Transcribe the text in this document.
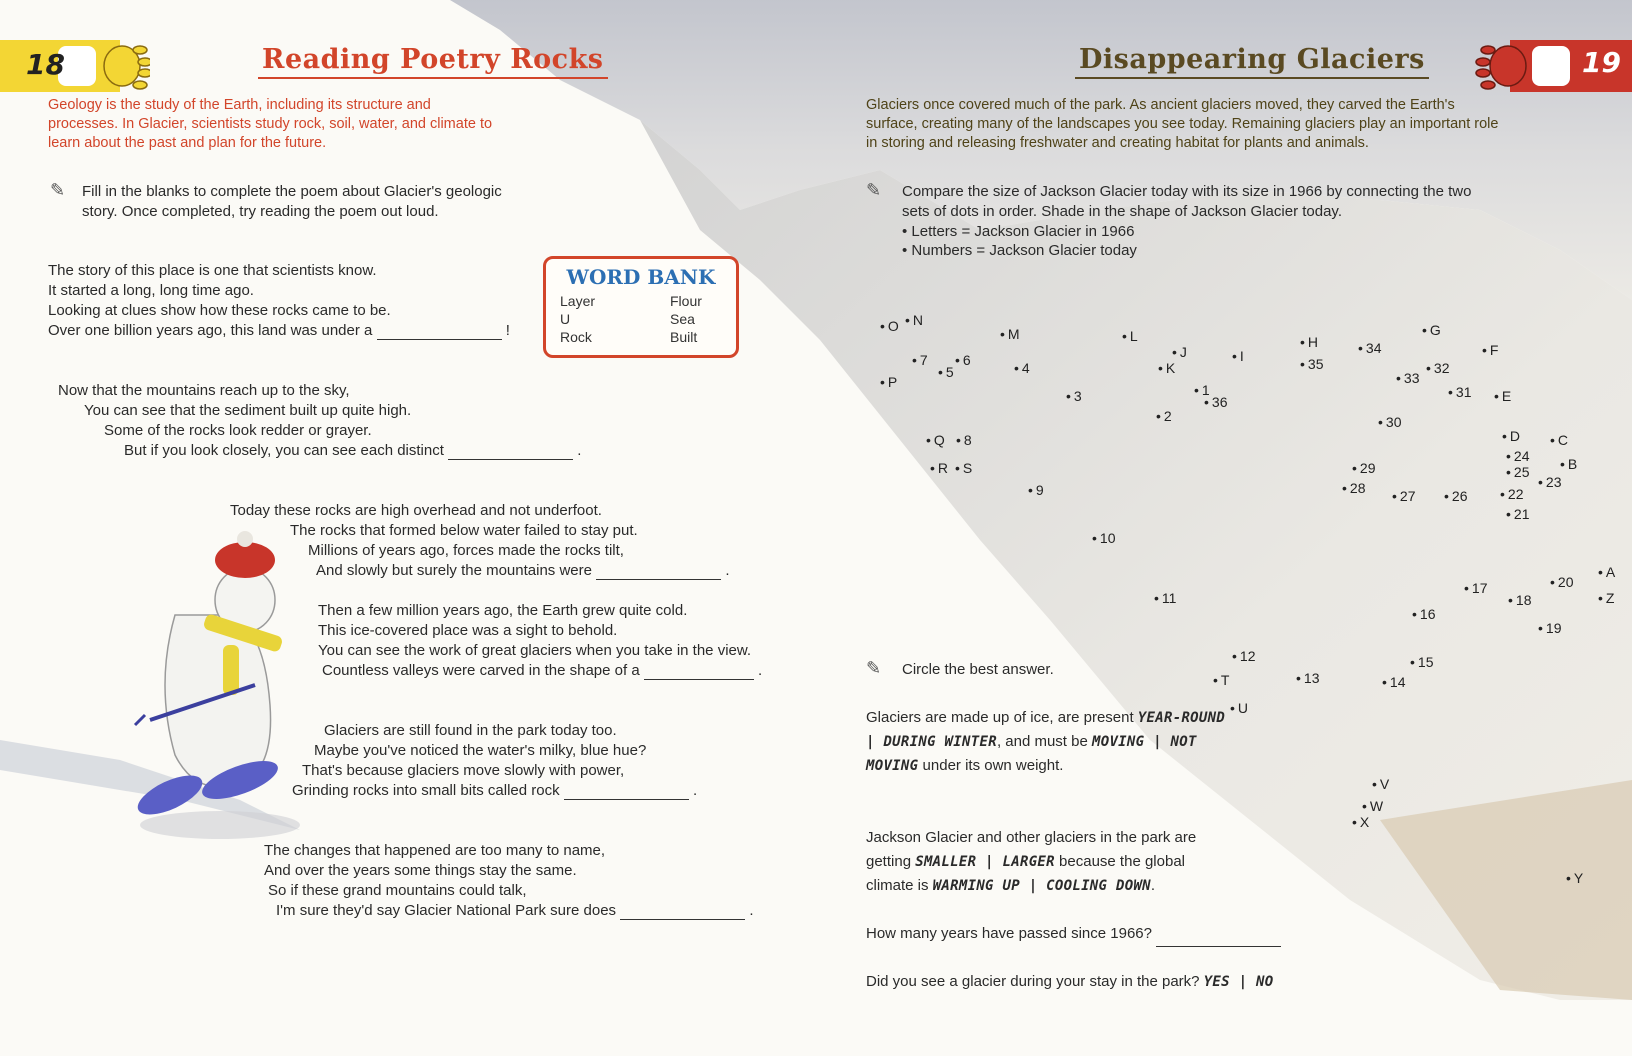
18	19
Reading Poetry Rocks	Disappearing Glaciers
Geology is the study of the Earth, including its structure and processes. In Glacier, scientists study rock, soil, water, and climate to learn about the past and plan for the future.
Glaciers once covered much of the park. As ancient glaciers moved, they carved the Earth's surface, creating many of the landscapes you see today. Remaining glaciers play an important role in storing and releasing freshwater and creating habitat for plants and animals.
✎ Fill in the blanks to complete the poem about Glacier's geologic story. Once completed, try reading the poem out loud.
WORD BANK
Layer	Flour
U	Sea
Rock	Built
The story of this place is one that scientists know.
It started a long, long time ago.
Looking at clues show how these rocks came to be.
Over one billion years ago, this land was under a	!
Now that the mountains reach up to the sky,
You can see that the sediment built up quite high.
Some of the rocks look redder or grayer.
But if you look closely, you can see each distinct	.
Today these rocks are high overhead and not underfoot.
The rocks that formed below water failed to stay put.
Millions of years ago, forces made the rocks tilt,
And slowly but surely the mountains were	.
Then a few million years ago, the Earth grew quite cold.
This ice-covered place was a sight to behold.
You can see the work of great glaciers when you take in the view.
Countless valleys were carved in the shape of a	.
Glaciers are still found in the park today too.
Maybe you've noticed the water's milky, blue hue?
That's because glaciers move slowly with power,
Grinding rocks into small bits called rock	.
The changes that happened are too many to name,
And over the years some things stay the same.
So if these grand mountains could talk,
I'm sure they'd say Glacier National Park sure does	.
✎ Compare the size of Jackson Glacier today with its size in 1966 by connecting the two sets of dots in order. Shade in the shape of Jackson Glacier today.
• Letters = Jackson Glacier in 1966
• Numbers = Jackson Glacier today
• O	• N
• M	• L
• J
• K
• I
• H
• 35
• 34
• G
• F
• 33
• 32
• 31	• E
• 7	• 6
• 5	• 4
• 3	• 1
• 36
• 2	• 30
• P
• Q	• 8
• R	• S
• 9
• D	• C
• 24
• 25	• B
• 23
• 29
• 28	• 27	• 26	• 22
• 21
• 10
• 11
• 17
• 18
• 20
• A
• Z
• 16
• 19
• 12
• 13
• 15
• 14
• T
• U
• V
• W
• X
• Y
✎ Circle the best answer.
Glaciers are made up of ice, are present YEAR-ROUND | DURING WINTER, and must be MOVING | NOT MOVING under its own weight.
Jackson Glacier and other glaciers in the park are getting SMALLER | LARGER because the global climate is WARMING UP | COOLING DOWN.
How many years have passed since 1966?
Did you see a glacier during your stay in the park? YES | NO
